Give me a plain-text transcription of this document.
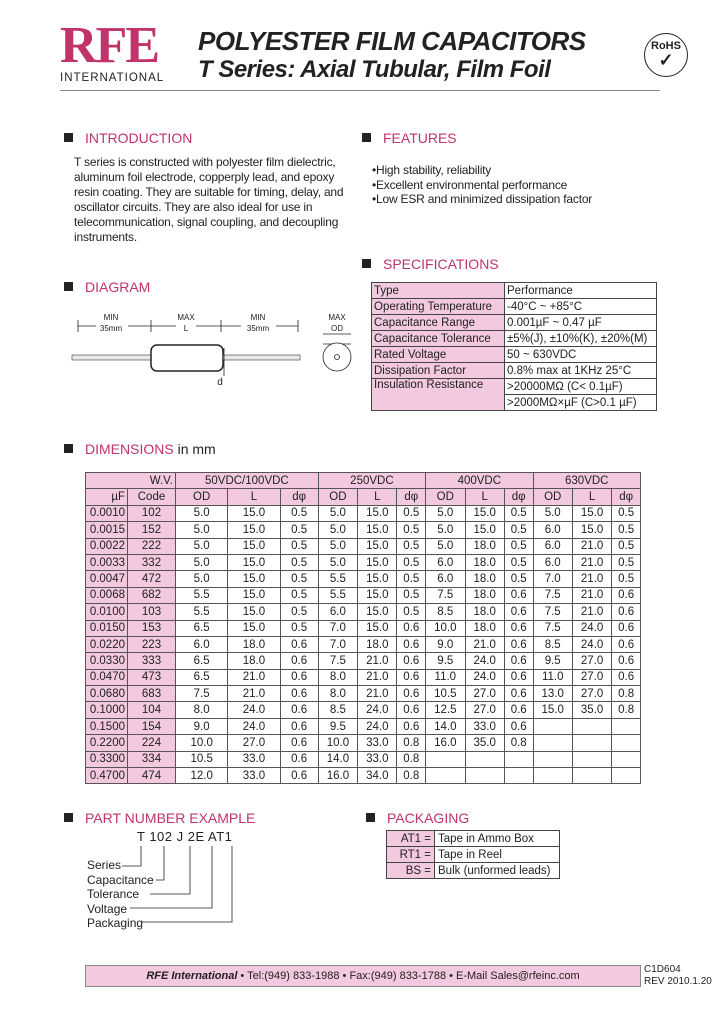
RFE
INTERNATIONAL
POLYESTER FILM CAPACITORS
T Series: Axial Tubular, Film Foil
RoHS
✓
INTRODUCTION
T series is constructed with polyester film dielectric,
aluminum foil electrode, copperply lead, and epoxy
resin coating. They are suitable for timing, delay, and
oscillator circuits. They are also ideal for use in
telecommunication, signal coupling, and decoupling
instruments.
FEATURES
•High stability, reliability
•Excellent environmental performance
•Low ESR and minimized dissipation factor
SPECIFICATIONS
Type	Performance
Operating Temperature	-40°C ~ +85°C
Capacitance Range	0.001µF ~ 0.47 µF
Capacitance Tolerance	±5%(J), ±10%(K), ±20%(M)
Rated Voltage	50 ~ 630VDC
Dissipation Factor	0.8% max at 1KHz 25°C
Insulation Resistance	>20000MΩ (C< 0.1µF)
	>2000MΩ×µF (C>0.1 µF)
DIAGRAM
MIN
35mm
MAX
L
MIN
35mm
MAX
OD
d
DIMENSIONS in mm
W.V.		50VDC/100VDC			250VDC			400VDC			630VDC		
µF	Code	OD	L	dφ	OD	L	dφ	OD	L	dφ	OD	L	dφ
0.0010	102	5.0	15.0	0.5	5.0	15.0	0.5	5.0	15.0	0.5	5.0	15.0	0.5
0.0015	152	5.0	15.0	0.5	5.0	15.0	0.5	5.0	15.0	0.5	6.0	15.0	0.5
0.0022	222	5.0	15.0	0.5	5.0	15.0	0.5	5.0	18.0	0.5	6.0	21.0	0.5
0.0033	332	5.0	15.0	0.5	5.0	15.0	0.5	6.0	18.0	0.5	6.0	21.0	0.5
0.0047	472	5.0	15.0	0.5	5.5	15.0	0.5	6.0	18.0	0.5	7.0	21.0	0.5
0.0068	682	5.5	15.0	0.5	5.5	15.0	0.5	7.5	18.0	0.6	7.5	21.0	0.6
0.0100	103	5.5	15.0	0.5	6.0	15.0	0.5	8.5	18.0	0.6	7.5	21.0	0.6
0.0150	153	6.5	15.0	0.5	7.0	15.0	0.6	10.0	18.0	0.6	7.5	24.0	0.6
0.0220	223	6.0	18.0	0.6	7.0	18.0	0.6	9.0	21.0	0.6	8.5	24.0	0.6
0.0330	333	6.5	18.0	0.6	7.5	21.0	0.6	9.5	24.0	0.6	9.5	27.0	0.6
0.0470	473	6.5	21.0	0.6	8.0	21.0	0.6	11.0	24.0	0.6	11.0	27.0	0.6
0.0680	683	7.5	21.0	0.6	8.0	21.0	0.6	10.5	27.0	0.6	13.0	27.0	0.8
0.1000	104	8.0	24.0	0.6	8.5	24.0	0.6	12.5	27.0	0.6	15.0	35.0	0.8
0.1500	154	9.0	24.0	0.6	9.5	24.0	0.6	14.0	33.0	0.6			
0.2200	224	10.0	27.0	0.6	10.0	33.0	0.8	16.0	35.0	0.8			
0.3300	334	10.5	33.0	0.6	14.0	33.0	0.8						
0.4700	474	12.0	33.0	0.6	16.0	34.0	0.8						
PART NUMBER EXAMPLE
T 102 J 2E AT1
Series
Capacitance
Tolerance
Voltage
Packaging
PACKAGING
AT1 =	Tape in Ammo Box
RT1 =	Tape in Reel
BS =	Bulk (unformed leads)
RFE International • Tel:(949) 833-1988 • Fax:(949) 833-1788 • E-Mail Sales@rfeinc.com
C1D604
REV 2010.1.20
